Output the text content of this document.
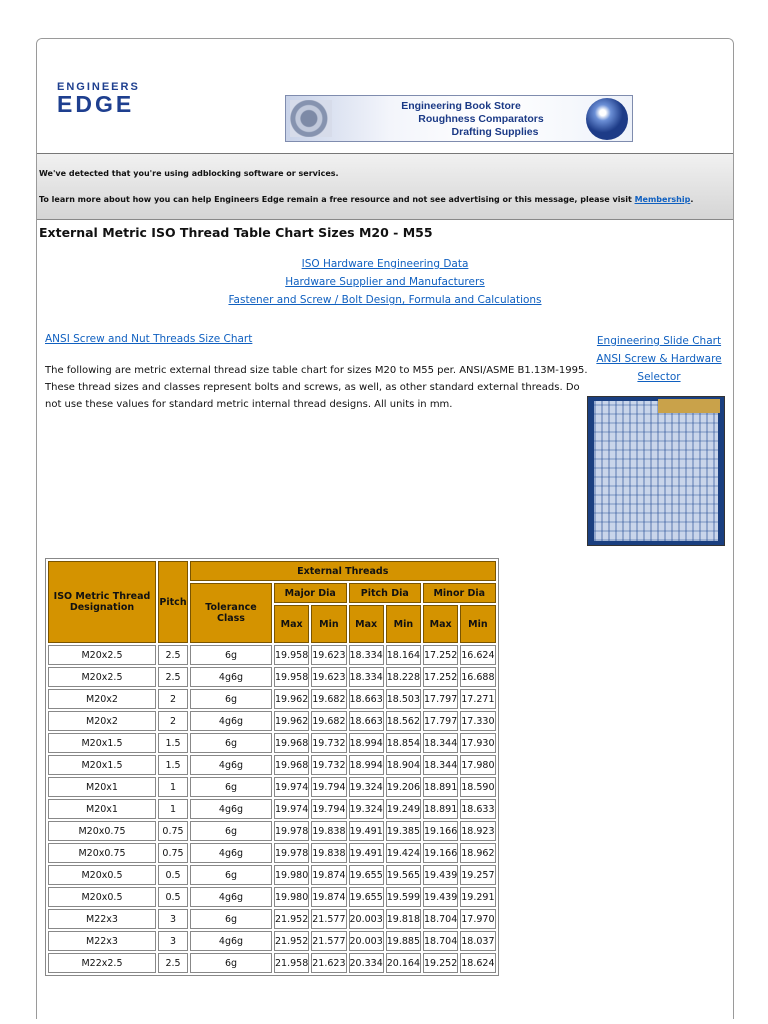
ENGINEERS
EDGE	Engineering Book Store
Roughness Comparators
Drafting Supplies

We've detected that you're using adblocking software or services.

To learn more about how you can help Engineers Edge remain a free resource and not see advertising or this message, please visit Membership.

External Metric ISO Thread Table Chart Sizes M20 - M55
ISO Hardware Engineering Data
Hardware Supplier and Manufacturers
Fastener and Screw / Bolt Design, Formula and Calculations
ANSI Screw and Nut Threads Size Chart
The following are metric external thread size table chart for sizes M20 to M55 per. ANSI/ASME B1.13M-1995. These thread sizes and classes represent bolts and screws, as well, as other standard external threads. Do not use these values for standard metric internal thread designs. All units in mm.
Engineering Slide Chart
ANSI Screw & Hardware
Selector
ISO Metric Thread Designation	Pitch	External Threads						
		Tolerance Class	Major Dia		Pitch Dia		Minor Dia	
			Max	Min	Max	Min	Max	Min
M20x2.5	2.5	6g	19.958	19.623	18.334	18.164	17.252	16.624
M20x2.5	2.5	4g6g	19.958	19.623	18.334	18.228	17.252	16.688
M20x2	2	6g	19.962	19.682	18.663	18.503	17.797	17.271
M20x2	2	4g6g	19.962	19.682	18.663	18.562	17.797	17.330
M20x1.5	1.5	6g	19.968	19.732	18.994	18.854	18.344	17.930
M20x1.5	1.5	4g6g	19.968	19.732	18.994	18.904	18.344	17.980
M20x1	1	6g	19.974	19.794	19.324	19.206	18.891	18.590
M20x1	1	4g6g	19.974	19.794	19.324	19.249	18.891	18.633
M20x0.75	0.75	6g	19.978	19.838	19.491	19.385	19.166	18.923
M20x0.75	0.75	4g6g	19.978	19.838	19.491	19.424	19.166	18.962
M20x0.5	0.5	6g	19.980	19.874	19.655	19.565	19.439	19.257
M20x0.5	0.5	4g6g	19.980	19.874	19.655	19.599	19.439	19.291
M22x3	3	6g	21.952	21.577	20.003	19.818	18.704	17.970
M22x3	3	4g6g	21.952	21.577	20.003	19.885	18.704	18.037
M22x2.5	2.5	6g	21.958	21.623	20.334	20.164	19.252	18.624
